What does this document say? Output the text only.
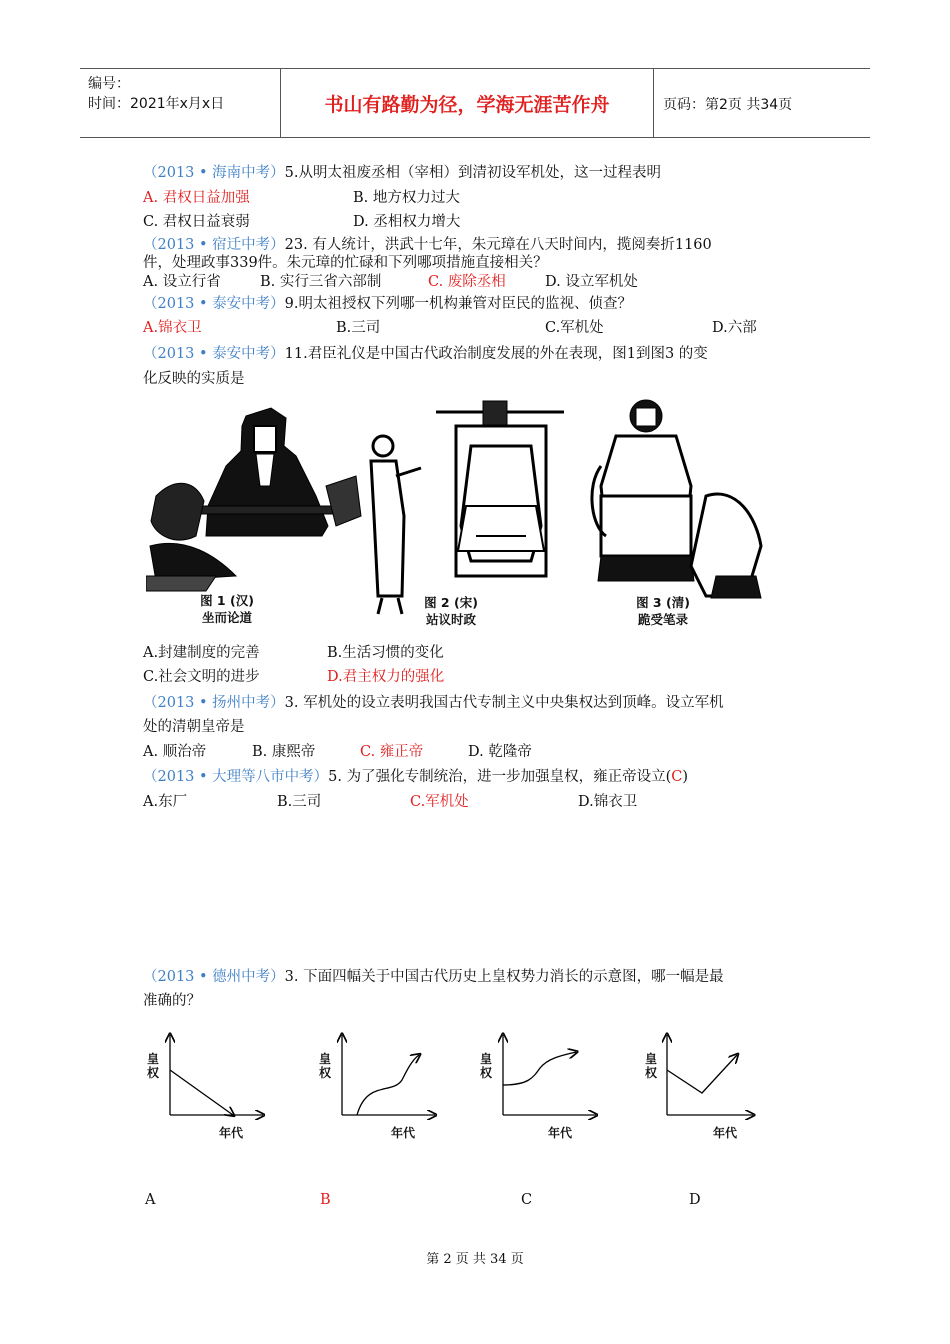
编号：
时间：2021年x月x日	书山有路勤为径，学海无涯苦作舟	页码：第2页 共34页
（2013 • 海南中考）5.从明太祖废丞相（宰相）到清初设军机处，这一过程表明
A. 君权日益加强	B. 地方权力过大
C. 君权日益衰弱	D. 丞相权力增大
（2013 • 宿迁中考）23. 有人统计，洪武十七年，朱元璋在八天时间内，揽阅奏折1160
件，处理政事339件。朱元璋的忙碌和下列哪项措施直接相关？
A. 设立行省	B. 实行三省六部制	C. 废除丞相	D. 设立军机处
（2013 • 泰安中考）9.明太祖授权下列哪一机构兼管对臣民的监视、侦查？
A.锦衣卫	B.三司	C.军机处	D.六部
（2013 • 泰安中考）11.君臣礼仪是中国古代政治制度发展的外在表现，图1到图3 的变
化反映的实质是
图 1 (汉)
坐而论道
图 2 (宋)
站议时政
图 3 (清)
跪受笔录
A.封建制度的完善	B.生活习惯的变化
C.社会文明的进步	D.君主权力的强化
（2013 • 扬州中考）3. 军机处的设立表明我国古代专制主义中央集权达到顶峰。设立军机
处的清朝皇帝是
A. 顺治帝	B. 康熙帝	C. 雍正帝	D. 乾隆帝
（2013 • 大理等八市中考）5. 为了强化专制统治，进一步加强皇权，雍正帝设立(C)
A.东厂	B.三司	C.军机处	D.锦衣卫
（2013 • 德州中考）3. 下面四幅关于中国古代历史上皇权势力消长的示意图，哪一幅是最
准确的？
皇
权
年代
皇
权
年代
皇
权
年代
皇
权
年代
A	B	C	D
第 2 页 共 34 页
